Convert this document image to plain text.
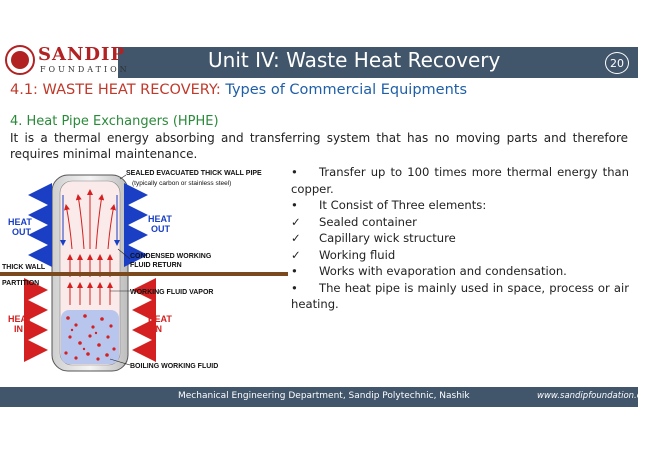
SANDIP
FOUNDATION	Unit IV: Waste Heat Recovery	20
4.1: WASTE HEAT RECOVERY: Types of Commercial Equipments
4. Heat Pipe Exchangers (HPHE)
It is a thermal energy absorbing and transferring system that has no moving parts and therefore requires minimal maintenance.
• Transfer up to 100 times more thermal energy than copper.
• It Consist of Three elements:
✓ Sealed container
✓ Capillary wick structure
✓ Working fluid
• Works with evaporation and condensation.
• The heat pipe is mainly used in space, process or air heating.
SEALED EVACUATED THICK WALL PIPE
(typically carbon or stainless steel)
CONDENSED WORKING
FLUID RETURN
THICK WALL
PARTITION
WORKING FLUID VAPOR
BOILING WORKING FLUID
HEAT
OUT
HEAT
OUT
HEAT
IN
HEAT
IN
Mechanical Engineering Department, Sandip Polytechnic, Nashik	www.sandipfoundation.org
